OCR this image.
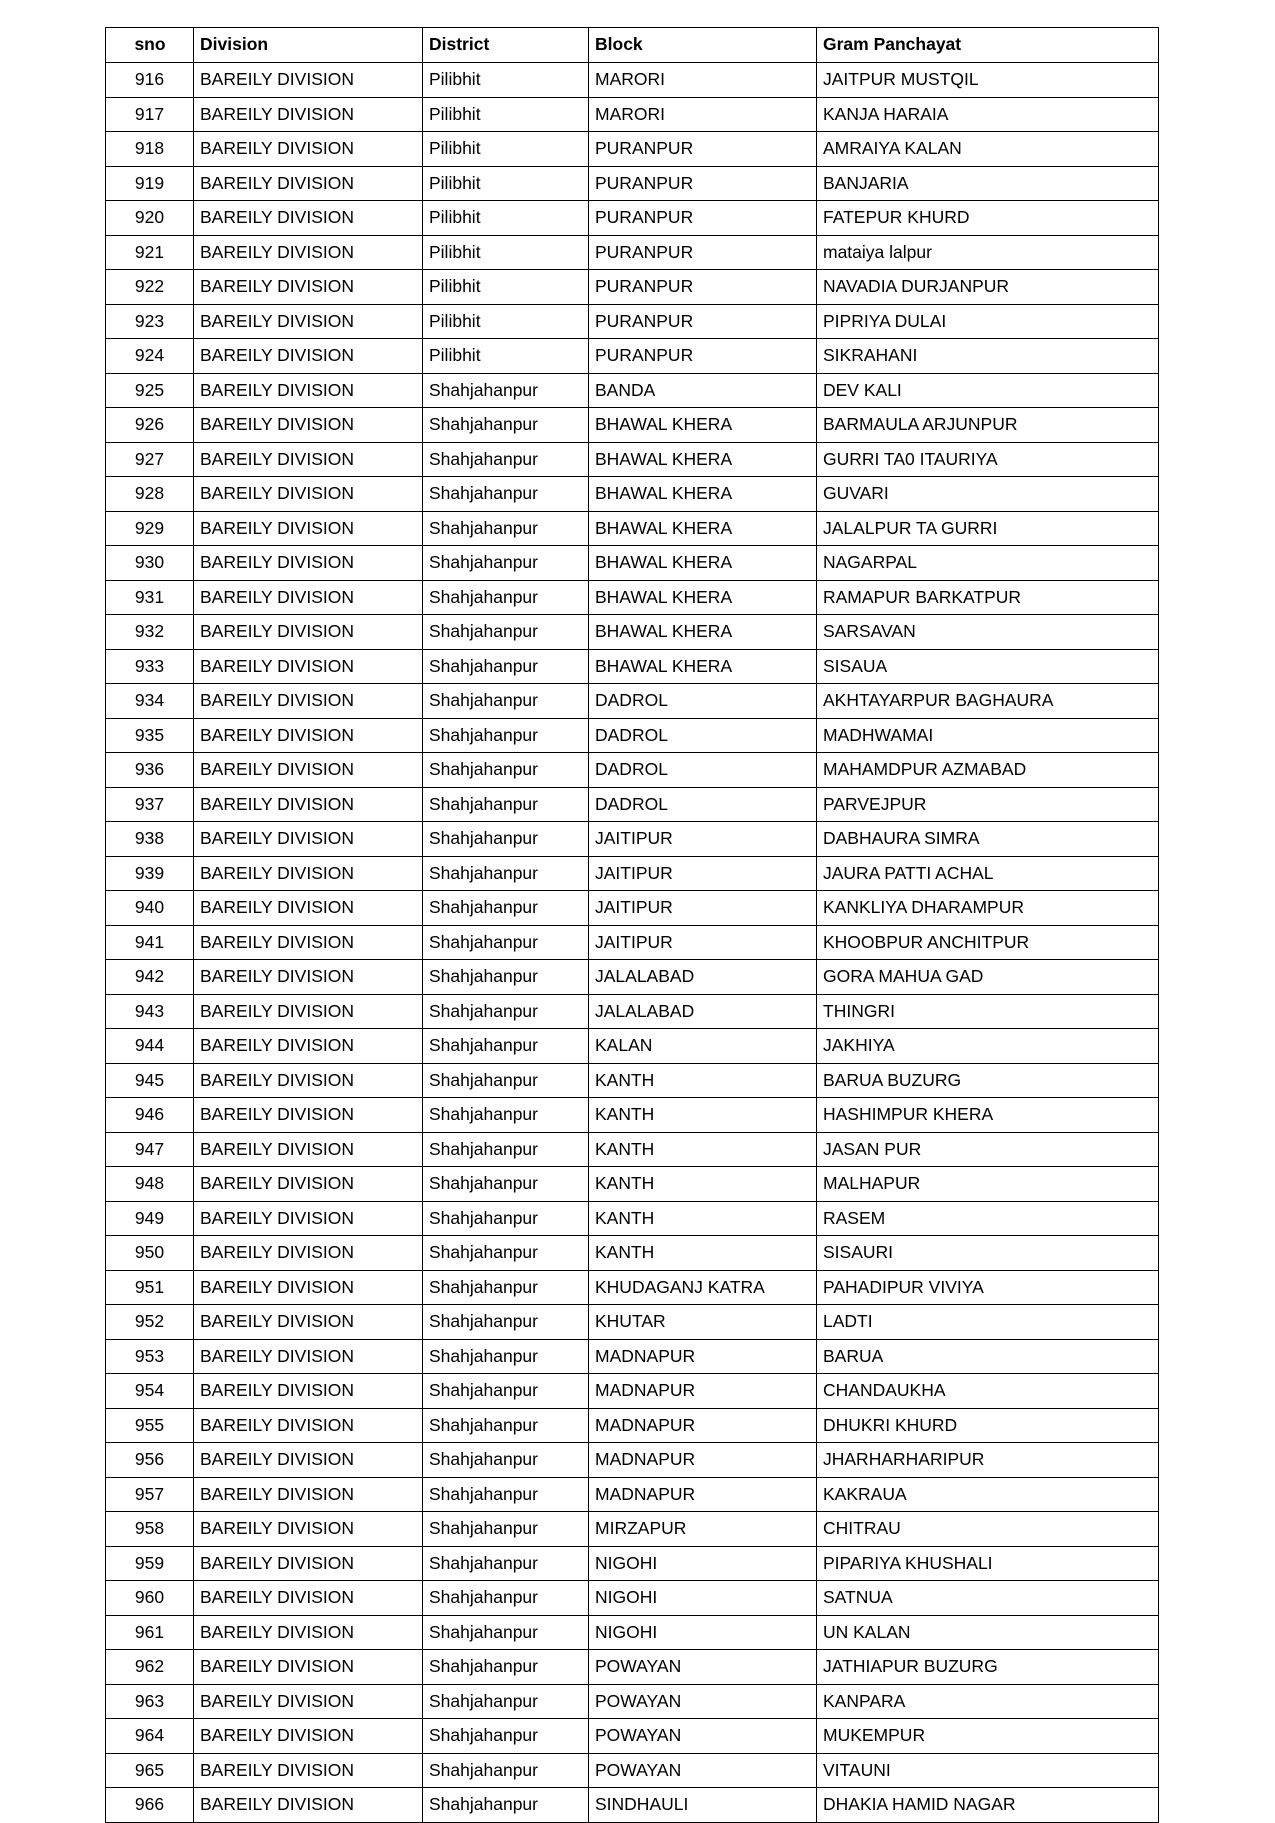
sno	Division	District	Block	Gram Panchayat
916	BAREILY DIVISION	Pilibhit	MARORI	JAITPUR MUSTQIL
917	BAREILY DIVISION	Pilibhit	MARORI	KANJA HARAIA
918	BAREILY DIVISION	Pilibhit	PURANPUR	AMRAIYA KALAN
919	BAREILY DIVISION	Pilibhit	PURANPUR	BANJARIA
920	BAREILY DIVISION	Pilibhit	PURANPUR	FATEPUR KHURD
921	BAREILY DIVISION	Pilibhit	PURANPUR	mataiya lalpur
922	BAREILY DIVISION	Pilibhit	PURANPUR	NAVADIA DURJANPUR
923	BAREILY DIVISION	Pilibhit	PURANPUR	PIPRIYA DULAI
924	BAREILY DIVISION	Pilibhit	PURANPUR	SIKRAHANI
925	BAREILY DIVISION	Shahjahanpur	BANDA	DEV KALI
926	BAREILY DIVISION	Shahjahanpur	BHAWAL KHERA	BARMAULA ARJUNPUR
927	BAREILY DIVISION	Shahjahanpur	BHAWAL KHERA	GURRI TA0 ITAURIYA
928	BAREILY DIVISION	Shahjahanpur	BHAWAL KHERA	GUVARI
929	BAREILY DIVISION	Shahjahanpur	BHAWAL KHERA	JALALPUR TA GURRI
930	BAREILY DIVISION	Shahjahanpur	BHAWAL KHERA	NAGARPAL
931	BAREILY DIVISION	Shahjahanpur	BHAWAL KHERA	RAMAPUR BARKATPUR
932	BAREILY DIVISION	Shahjahanpur	BHAWAL KHERA	SARSAVAN
933	BAREILY DIVISION	Shahjahanpur	BHAWAL KHERA	SISAUA
934	BAREILY DIVISION	Shahjahanpur	DADROL	AKHTAYARPUR BAGHAURA
935	BAREILY DIVISION	Shahjahanpur	DADROL	MADHWAMAI
936	BAREILY DIVISION	Shahjahanpur	DADROL	MAHAMDPUR AZMABAD
937	BAREILY DIVISION	Shahjahanpur	DADROL	PARVEJPUR
938	BAREILY DIVISION	Shahjahanpur	JAITIPUR	DABHAURA SIMRA
939	BAREILY DIVISION	Shahjahanpur	JAITIPUR	JAURA PATTI ACHAL
940	BAREILY DIVISION	Shahjahanpur	JAITIPUR	KANKLIYA DHARAMPUR
941	BAREILY DIVISION	Shahjahanpur	JAITIPUR	KHOOBPUR ANCHITPUR
942	BAREILY DIVISION	Shahjahanpur	JALALABAD	GORA MAHUA GAD
943	BAREILY DIVISION	Shahjahanpur	JALALABAD	THINGRI
944	BAREILY DIVISION	Shahjahanpur	KALAN	JAKHIYA
945	BAREILY DIVISION	Shahjahanpur	KANTH	BARUA BUZURG
946	BAREILY DIVISION	Shahjahanpur	KANTH	HASHIMPUR KHERA
947	BAREILY DIVISION	Shahjahanpur	KANTH	JASAN PUR
948	BAREILY DIVISION	Shahjahanpur	KANTH	MALHAPUR
949	BAREILY DIVISION	Shahjahanpur	KANTH	RASEM
950	BAREILY DIVISION	Shahjahanpur	KANTH	SISAURI
951	BAREILY DIVISION	Shahjahanpur	KHUDAGANJ KATRA	PAHADIPUR VIVIYA
952	BAREILY DIVISION	Shahjahanpur	KHUTAR	LADTI
953	BAREILY DIVISION	Shahjahanpur	MADNAPUR	BARUA
954	BAREILY DIVISION	Shahjahanpur	MADNAPUR	CHANDAUKHA
955	BAREILY DIVISION	Shahjahanpur	MADNAPUR	DHUKRI KHURD
956	BAREILY DIVISION	Shahjahanpur	MADNAPUR	JHARHARHARIPUR
957	BAREILY DIVISION	Shahjahanpur	MADNAPUR	KAKRAUA
958	BAREILY DIVISION	Shahjahanpur	MIRZAPUR	CHITRAU
959	BAREILY DIVISION	Shahjahanpur	NIGOHI	PIPARIYA KHUSHALI
960	BAREILY DIVISION	Shahjahanpur	NIGOHI	SATNUA
961	BAREILY DIVISION	Shahjahanpur	NIGOHI	UN KALAN
962	BAREILY DIVISION	Shahjahanpur	POWAYAN	JATHIAPUR BUZURG
963	BAREILY DIVISION	Shahjahanpur	POWAYAN	KANPARA
964	BAREILY DIVISION	Shahjahanpur	POWAYAN	MUKEMPUR
965	BAREILY DIVISION	Shahjahanpur	POWAYAN	VITAUNI
966	BAREILY DIVISION	Shahjahanpur	SINDHAULI	DHAKIA HAMID NAGAR
